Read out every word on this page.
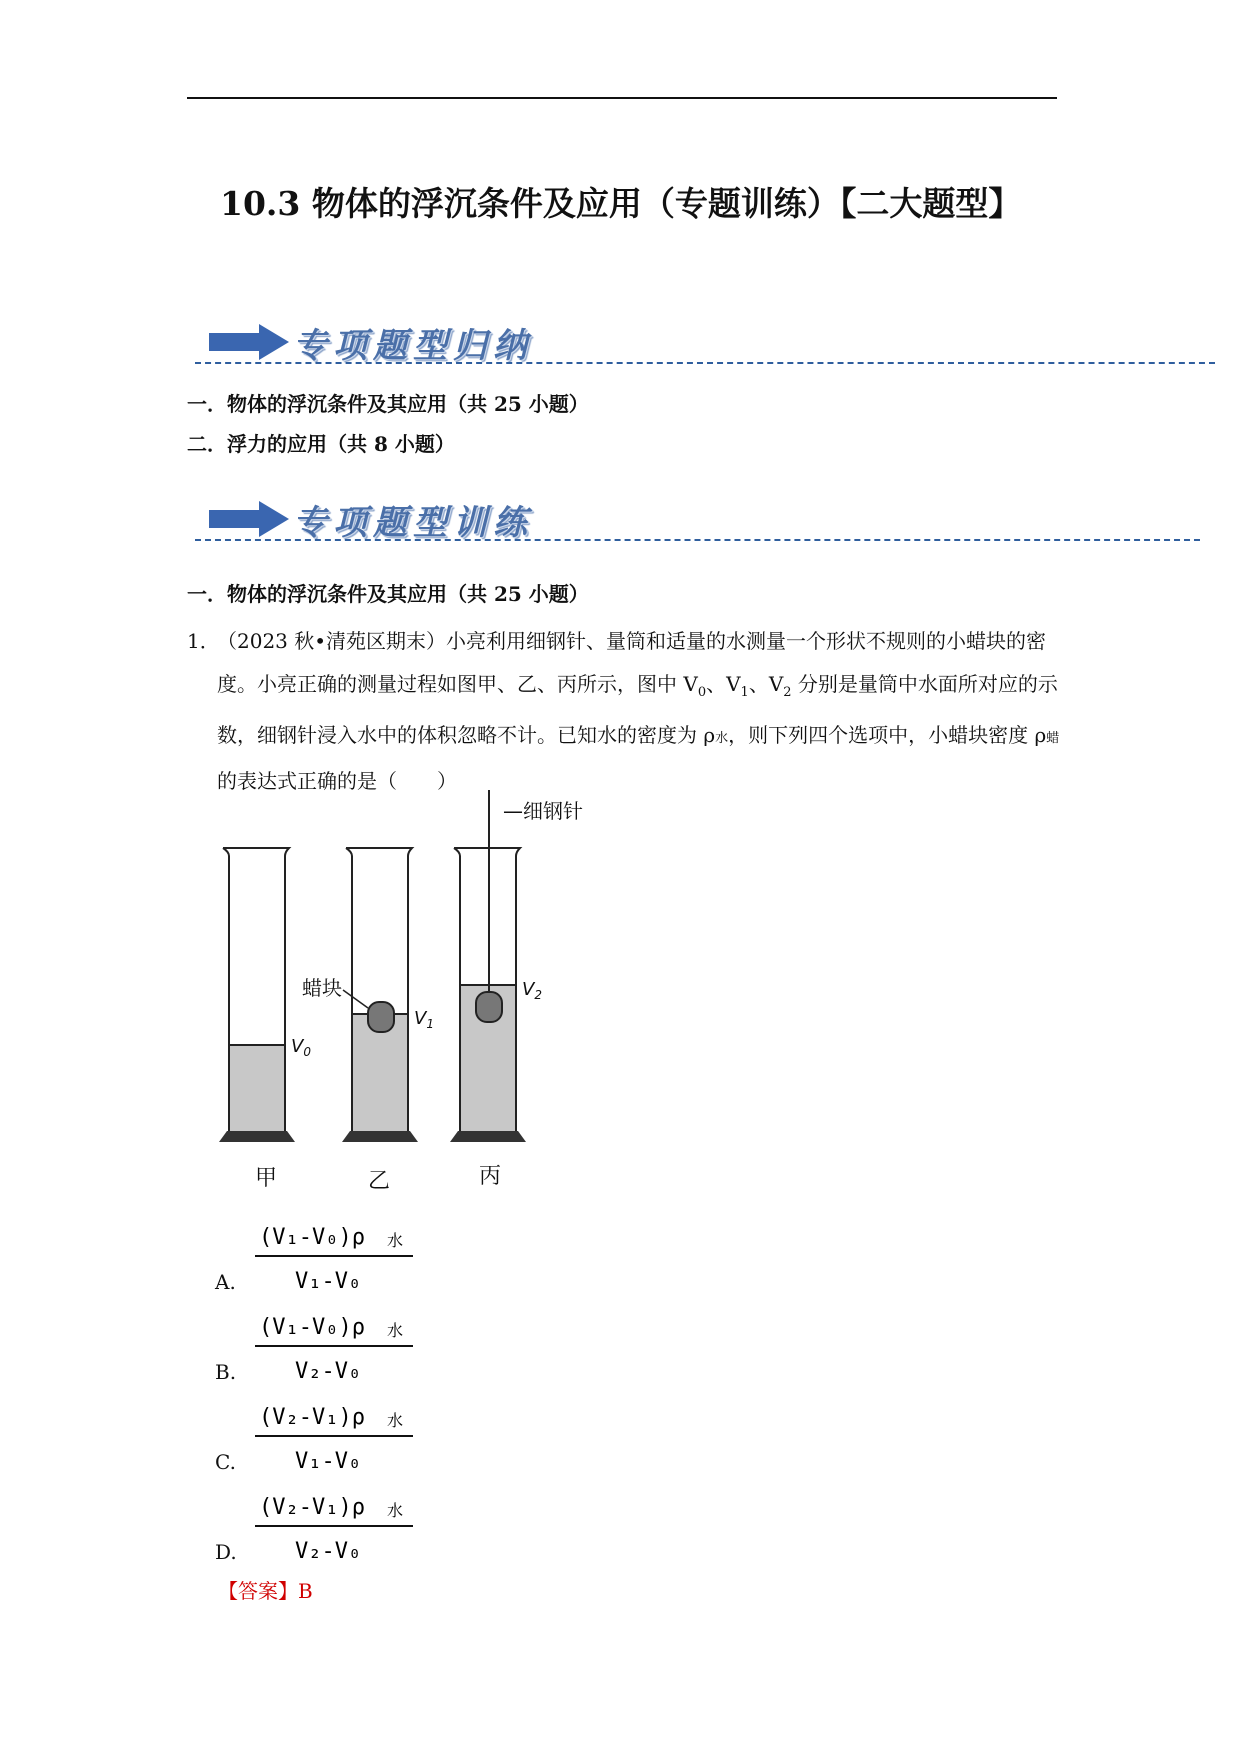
10.3 物体的浮沉条件及应用（专题训练）【二大题型】
专项题型归纳
一．物体的浮沉条件及其应用（共 25 小题）
二．浮力的应用（共 8 小题）
专项题型训练
一．物体的浮沉条件及其应用（共 25 小题）
1．
（2023 秋•清苑区期末）小亮利用细钢针、量筒和适量的水测量一个形状不规则的小蜡块的密度。小亮正确的测量过程如图甲、乙、丙所示，图中 $V_0$、$V_1$、$V_2$ 分别是量筒中水面所对应的示数，细钢针浸入水中的体积忽略不计。已知水的密度为 ρ水，则下列四个选项中，小蜡块密度 ρ蜡的表达式正确的是（　　）
—细钢针
蜡块
$V_0$
$V_1$
$V_2$
甲	乙	丙
A.
(V₁-V₀)ρ 水
V₁-V₀
B.
(V₁-V₀)ρ 水
V₂-V₀
C.
(V₂-V₁)ρ 水
V₁-V₀
D.
(V₂-V₁)ρ 水
V₂-V₀
【答案】B
